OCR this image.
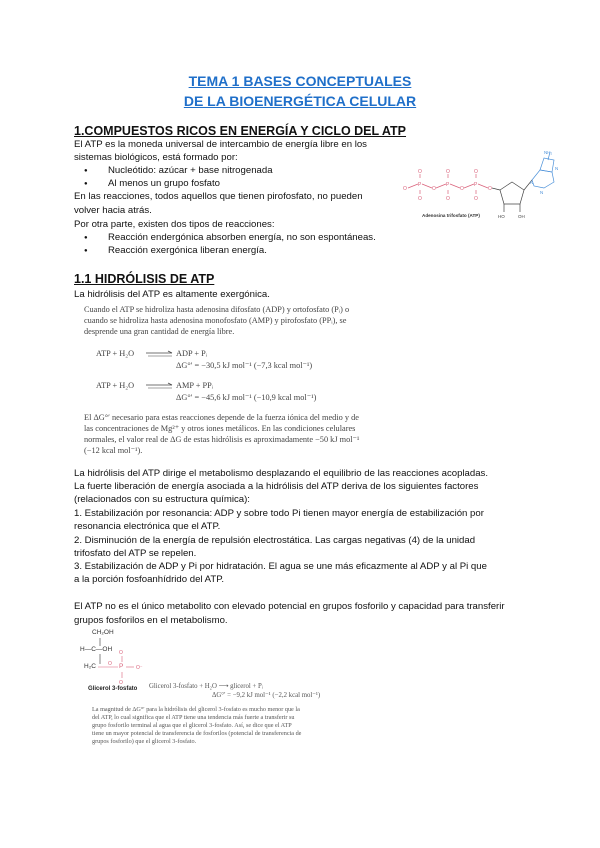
TEMA 1 BASES CONCEPTUALES
DE LA BIOENERGÉTICA CELULAR
1.COMPUESTOS RICOS EN ENERGÍA Y CICLO DEL ATP
El ATP es la moneda universal de intercambio de energía libre en los
sistemas biológicos, está formado por:
Nucleótido: azúcar + base nitrogenada
Al menos un grupo fosfato
En las reacciones, todos aquellos que tienen pirofosfato, no pueden
volver hacia atrás.
Por otra parte, existen dos tipos de reacciones:
Reacción endergónica absorben energía, no son espontáneas.
Reacción exergónica liberan energía.
O
P	P	P
O	O	O
O	O	O
O	O	O
NH₂
N
N
N
HO	OH
Adenosina trifosfato (ATP)
1.1 HIDRÓLISIS DE ATP
La hidrólisis del ATP es altamente exergónica.
Cuando el ATP se hidroliza hasta adenosina difosfato (ADP) y ortofosfato (Pᵢ) o
cuando se hidroliza hasta adenosina monofosfato (AMP) y pirofosfato (PPᵢ), se
desprende una gran cantidad de energía libre.
ATP + H₂O	ADP + Pᵢ
ΔG°′ = −30,5 kJ mol⁻¹ (−7,3 kcal mol⁻¹)
ATP + H₂O	AMP + PPᵢ
ΔG°′ = −45,6 kJ mol⁻¹ (−10,9 kcal mol⁻¹)
El ΔG°′ necesario para estas reacciones depende de la fuerza iónica del medio y de
las concentraciones de Mg²⁺ y otros iones metálicos. En las condiciones celulares
normales, el valor real de ΔG de estas hidrólisis es aproximadamente −50 kJ mol⁻¹
(−12 kcal mol⁻¹).
La hidrólisis del ATP dirige el metabolismo desplazando el equilibrio de las reacciones acopladas.
La fuerte liberación de energía asociada a la hidrólisis del ATP deriva de los siguientes factores
(relacionados con su estructura química):
1. Estabilización por resonancia: ADP y sobre todo Pi tienen mayor energía de estabilización por
resonancia electrónica que el ATP.
2. Disminución de la energía de repulsión electrostática. Las cargas negativas (4) de la unidad
trifosfato del ATP se repelen.
3. Estabilización de ADP y Pi por hidratación. El agua se une más eficazmente al ADP y al Pi que
a la porción fosfoanhídrido del ATP.
El ATP no es el único metabolito con elevado potencial en grupos fosforilo y capacidad para transferir
grupos fosforilos en el metabolismo.
CH₂OH
H—C—OH
H₂C	P
O
O
O⁻
O
Glicerol 3-fosfato Glicerol 3-fosfato + H₂O ⟶ glicerol + Pᵢ
ΔG°′ = −9,2 kJ mol⁻¹ (−2,2 kcal mol⁻¹)
La magnitud de ΔG°′ para la hidrólisis del glicerol 3-fosfato es mucho menor que la
del ATP, lo cual significa que el ATP tiene una tendencia más fuerte a transferir su
grupo fosforilo terminal al agua que el glicerol 3-fosfato. Así, se dice que el ATP
tiene un mayor potencial de transferencia de fosforilos (potencial de transferencia de
grupos fosforilo) que el glicerol 3-fosfato.
